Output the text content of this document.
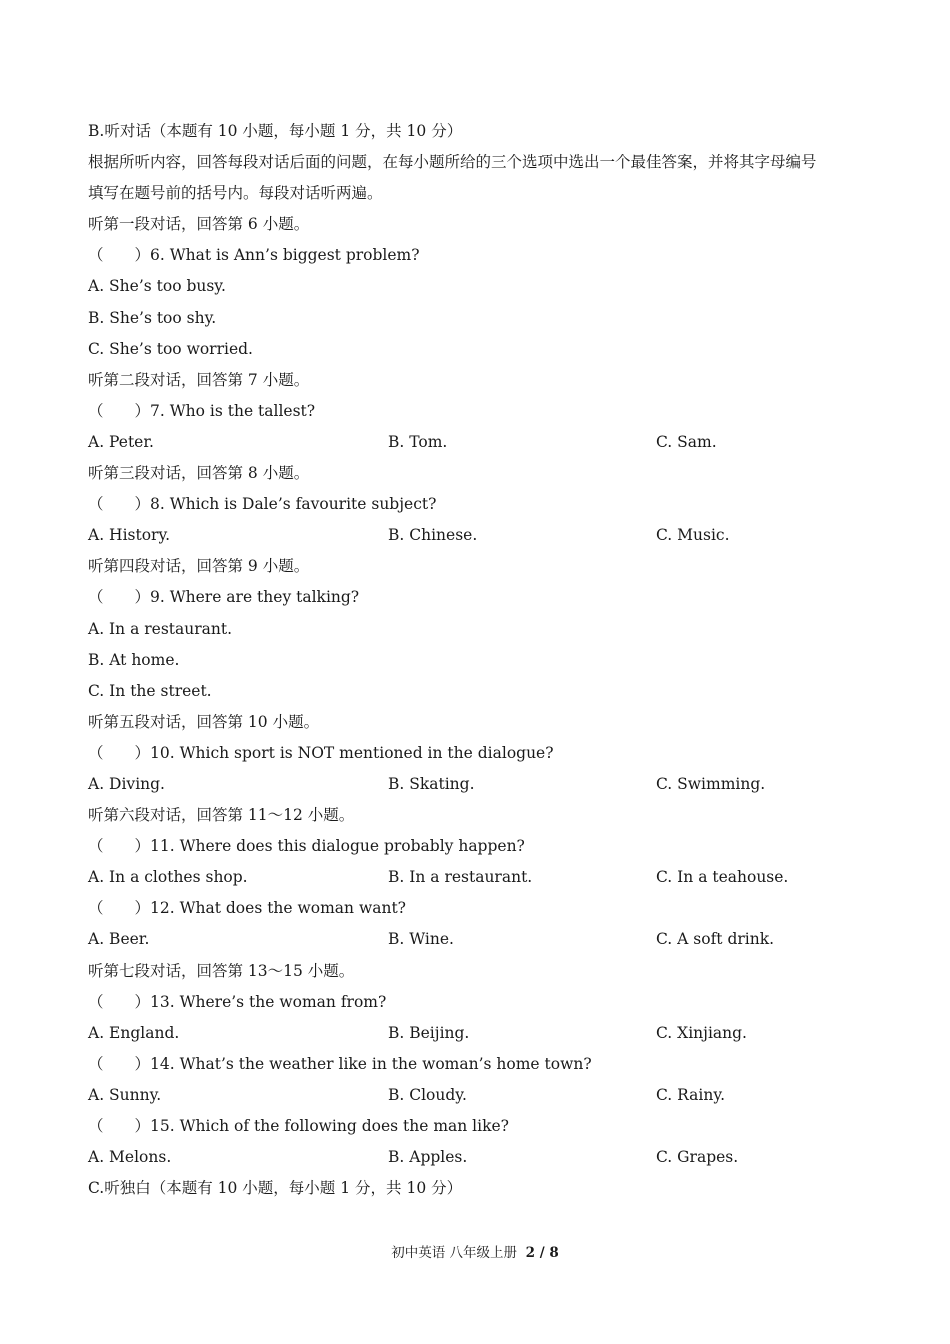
B.听对话（本题有 10 小题，每小题 1 分，共 10 分）
根据所听内容，回答每段对话后面的问题，在每小题所给的三个选项中选出一个最佳答案，并将其字母编号
填写在题号前的括号内。每段对话听两遍。
听第一段对话，回答第 6 小题。
（　　）6. What is Ann’s biggest problem?
A. She’s too busy.
B. She’s too shy.
C. She’s too worried.
听第二段对话，回答第 7 小题。
（　　）7. Who is the tallest?
A. Peter.	B. Tom.	C. Sam.
听第三段对话，回答第 8 小题。
（　　）8. Which is Dale’s favourite subject?
A. History.	B. Chinese.	C. Music.
听第四段对话，回答第 9 小题。
（　　）9. Where are they talking?
A. In a restaurant.
B. At home.
C. In the street.
听第五段对话，回答第 10 小题。
（　　）10. Which sport is NOT mentioned in the dialogue?
A. Diving.	B. Skating.	C. Swimming.
听第六段对话，回答第 11～12 小题。
（　　）11. Where does this dialogue probably happen?
A. In a clothes shop.	B. In a restaurant.	C. In a teahouse.
（　　）12. What does the woman want?
A. Beer.	B. Wine.	C. A soft drink.
听第七段对话，回答第 13～15 小题。
（　　）13. Where’s the woman from?
A. England.	B. Beijing.	C. Xinjiang.
（　　）14. What’s the weather like in the woman’s home town?
A. Sunny.	B. Cloudy.	C. Rainy.
（　　）15. Which of the following does the man like?
A. Melons.	B. Apples.	C. Grapes.
C.听独白（本题有 10 小题，每小题 1 分，共 10 分）
初中英语 八年级上册 2 / 8
